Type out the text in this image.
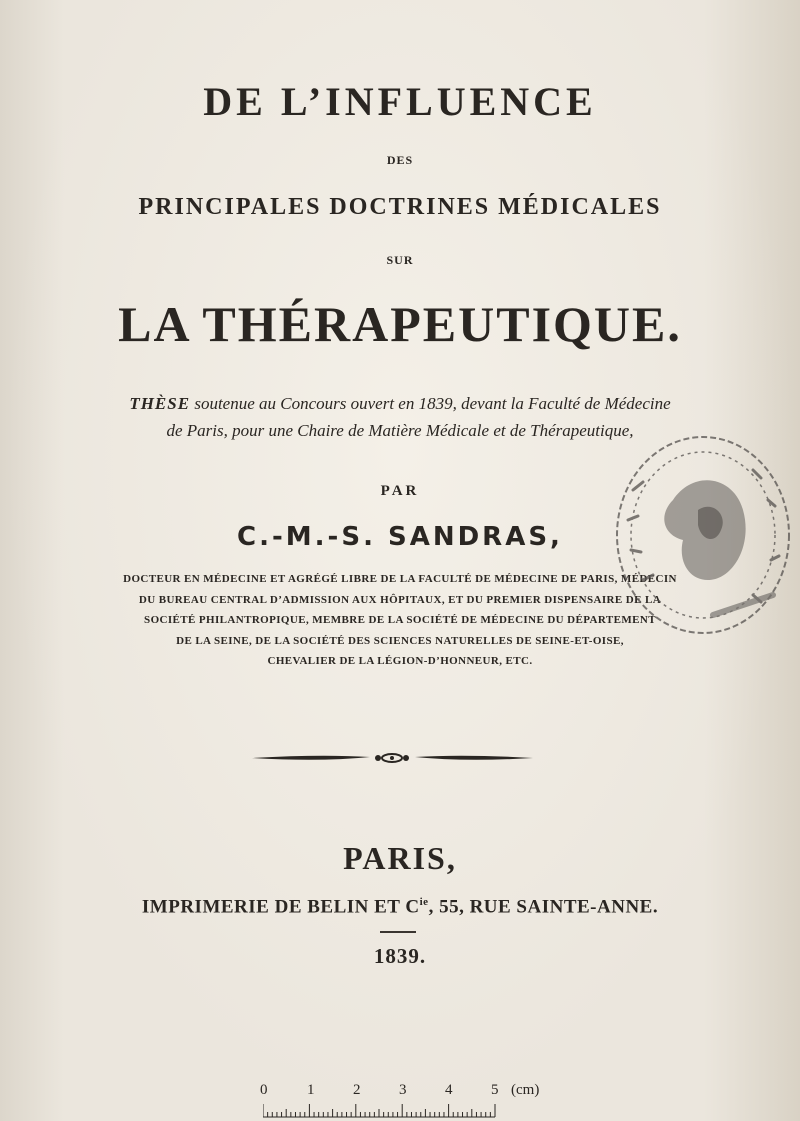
DE L’INFLUENCE
DES
PRINCIPALES DOCTRINES MÉDICALES
SUR
LA THÉRAPEUTIQUE.
THÈSE soutenue au Concours ouvert en 1839, devant la Faculté de Médecine
de Paris, pour une Chaire de Matière Médicale et de Thérapeutique,
PAR
C.-M.-S. SANDRAS,
DOCTEUR EN MÉDECINE ET AGRÉGÉ LIBRE DE LA FACULTÉ DE MÉDECINE DE PARIS, MÉDECIN
DU BUREAU CENTRAL D’ADMISSION AUX HÔPITAUX, ET DU PREMIER DISPENSAIRE DE LA
SOCIÉTÉ PHILANTROPIQUE, MEMBRE DE LA SOCIÉTÉ DE MÉDECINE DU DÉPARTEMENT
DE LA SEINE, DE LA SOCIÉTÉ DES SCIENCES NATURELLES DE SEINE-ET-OISE,
CHEVALIER DE LA LÉGION-D’HONNEUR, ETC.
PARIS,
IMPRIMERIE DE BELIN ET $C^{ie}$, 55, RUE SAINTE-ANNE.
1839.
0	1	2	3	4	5 (cm)
